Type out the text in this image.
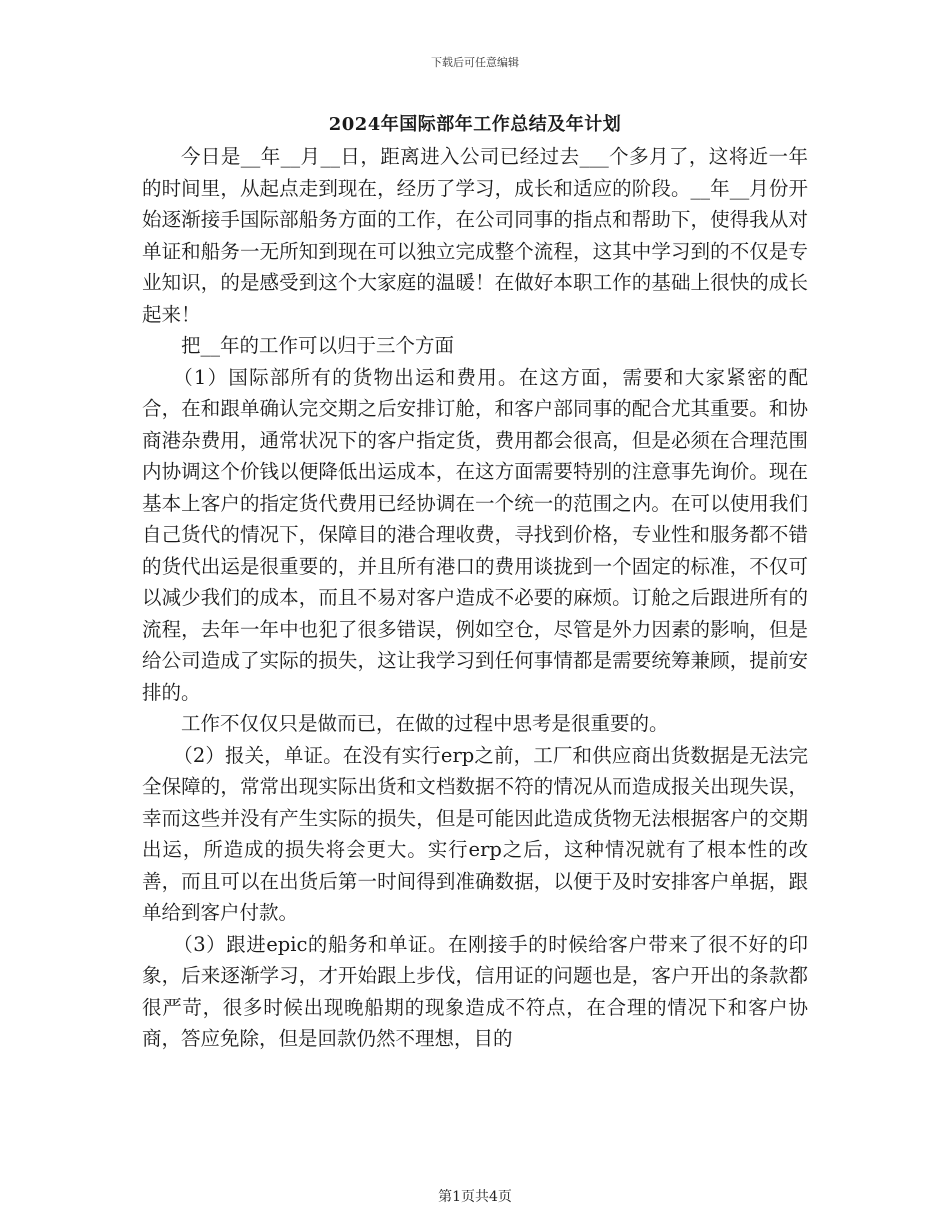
下载后可任意编辑
2024年国际部年工作总结及年计划

今日是__年__月__日，距离进入公司已经过去___个多月了，这将近一年的时间里，从起点走到现在，经历了学习，成长和适应的阶段。__年__月份开始逐渐接手国际部船务方面的工作，在公司同事的指点和帮助下，使得我从对单证和船务一无所知到现在可以独立完成整个流程，这其中学习到的不仅是专业知识，的是感受到这个大家庭的温暖！在做好本职工作的基础上很快的成长起来！

把__年的工作可以归于三个方面

（1）国际部所有的货物出运和费用。在这方面，需要和大家紧密的配合，在和跟单确认完交期之后安排订舱，和客户部同事的配合尤其重要。和协商港杂费用，通常状况下的客户指定货，费用都会很高，但是必须在合理范围内协调这个价钱以便降低出运成本，在这方面需要特别的注意事先询价。现在基本上客户的指定货代费用已经协调在一个统一的范围之内。在可以使用我们自己货代的情况下，保障目的港合理收费，寻找到价格，专业性和服务都不错的货代出运是很重要的，并且所有港口的费用谈拢到一个固定的标准，不仅可以减少我们的成本，而且不易对客户造成不必要的麻烦。订舱之后跟进所有的流程，去年一年中也犯了很多错误，例如空仓，尽管是外力因素的影响，但是给公司造成了实际的损失，这让我学习到任何事情都是需要统筹兼顾，提前安排的。

工作不仅仅只是做而已，在做的过程中思考是很重要的。

（2）报关，单证。在没有实行erp之前，工厂和供应商出货数据是无法完全保障的，常常出现实际出货和文档数据不符的情况从而造成报关出现失误，幸而这些并没有产生实际的损失，但是可能因此造成货物无法根据客户的交期出运，所造成的损失将会更大。实行erp之后，这种情况就有了根本性的改善，而且可以在出货后第一时间得到准确数据，以便于及时安排客户单据，跟单给到客户付款。

（3）跟进epic的船务和单证。在刚接手的时候给客户带来了很不好的印象，后来逐渐学习，才开始跟上步伐，信用证的问题也是，客户开出的条款都很严苛，很多时候出现晚船期的现象造成不符点，在合理的情况下和客户协商，答应免除，但是回款仍然不理想，目的

第1页共4页
